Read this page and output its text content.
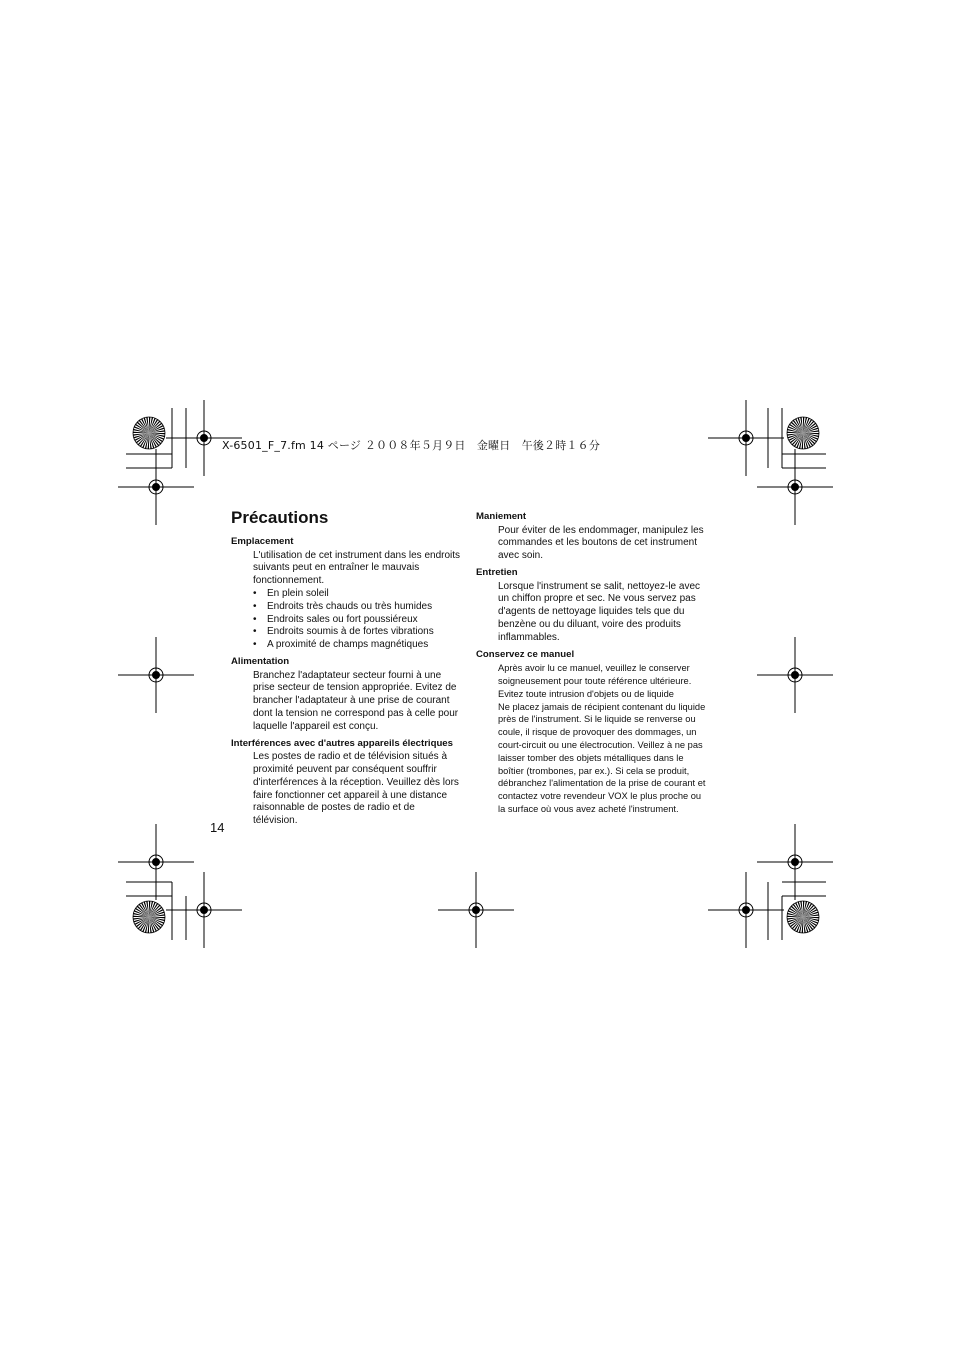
X-6501_F_7.fm 14 ページ ２００８年５月９日　金曜日　午後２時１６分
Précautions

Emplacement

L'utilisation de cet instrument dans les endroits suivants peut en entraîner le mauvais fonctionnement.

• En plein soleil
• Endroits très chauds ou très humides
• Endroits sales ou fort poussiéreux
• Endroits soumis à de fortes vibrations
• A proximité de champs magnétiques

Alimentation

Branchez l'adaptateur secteur fourni à une prise secteur de tension appropriée. Evitez de brancher l'adaptateur à une prise de courant dont la tension ne correspond pas à celle pour laquelle l'appareil est conçu.

Interférences avec d'autres appareils électriques

Les postes de radio et de télévision situés à proximité peuvent par conséquent souffrir d'interférences à la réception. Veuillez dès lors faire fonctionner cet appareil à une distance raisonnable de postes de radio et de télévision.

Maniement

Pour éviter de les endommager, manipulez les commandes et les boutons de cet instrument avec soin.

Entretien

Lorsque l'instrument se salit, nettoyez-le avec un chiffon propre et sec. Ne vous servez pas d'agents de nettoyage liquides tels que du benzène ou du diluant, voire des produits inflammables.

Conservez ce manuel

Après avoir lu ce manuel, veuillez le conserver soigneusement pour toute référence ultérieure.

Evitez toute intrusion d'objets ou de liquide

Ne placez jamais de récipient contenant du liquide près de l'instrument. Si le liquide se renverse ou coule, il risque de provoquer des dommages, un court-circuit ou une électrocution. Veillez à ne pas laisser tomber des objets métalliques dans le boîtier (trombones, par ex.). Si cela se produit, débranchez l'alimentation de la prise de courant et contactez votre revendeur VOX le plus proche ou la surface où vous avez acheté l'instrument.

14
